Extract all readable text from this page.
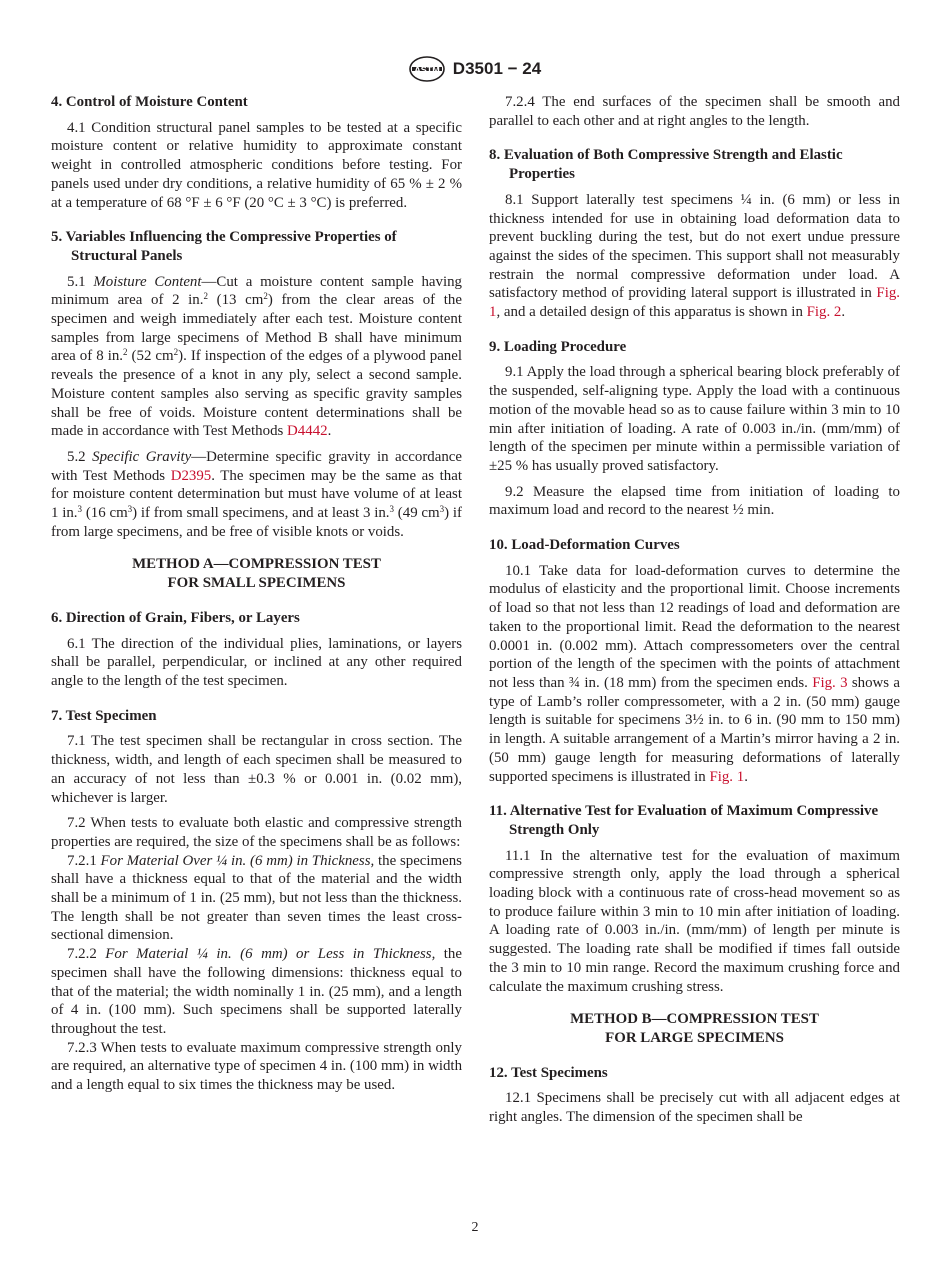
ASTM D3501 − 24

4. Control of Moisture Content

4.1 Condition structural panel samples to be tested at a specific moisture content or relative humidity to approximate constant weight in controlled atmospheric conditions before testing. For panels used under dry conditions, a relative humidity of 65 % ± 2 % at a temperature of 68 °F ± 6 °F (20 °C ± 3 °C) is preferred.

5. Variables Influencing the Compressive Properties of Structural Panels

5.1 Moisture Content—Cut a moisture content sample having minimum area of 2 in.$^2$ (13 $cm^2$) from the clear areas of the specimen and weigh immediately after each test. Moisture content samples from large specimens of Method B shall have minimum area of 8 in.$^2$ (52 $cm^2$). If inspection of the edges of a plywood panel reveals the presence of a knot in any ply, select a second sample. Moisture content samples also serving as specific gravity samples shall be free of voids. Moisture content determinations shall be made in accordance with Test Methods D4442.

5.2 Specific Gravity—Determine specific gravity in accordance with Test Methods D2395. The specimen may be the same as that for moisture content determination but must have volume of at least 1 in.$^3$ (16 $cm^3$) if from small specimens, and at least 3 in.$^3$ (49 $cm^3$) if from large specimens, and be free of visible knots or voids.

METHOD A—COMPRESSION TEST

FOR SMALL SPECIMENS

6. Direction of Grain, Fibers, or Layers

6.1 The direction of the individual plies, laminations, or layers shall be parallel, perpendicular, or inclined at any other required angle to the length of the test specimen.

7. Test Specimen

7.1 The test specimen shall be rectangular in cross section. The thickness, width, and length of each specimen shall be measured to an accuracy of not less than ±0.3 % or 0.001 in. (0.02 mm), whichever is larger.

7.2 When tests to evaluate both elastic and compressive strength properties are required, the size of the specimens shall be as follows:

7.2.1 For Material Over ¼ in. (6 mm) in Thickness, the specimens shall have a thickness equal to that of the material and the width shall be a minimum of 1 in. (25 mm), but not less than the thickness. The length shall be not greater than seven times the least cross-sectional dimension.

7.2.2 For Material ¼ in. (6 mm) or Less in Thickness, the specimen shall have the following dimensions: thickness equal to that of the material; the width nominally 1 in. (25 mm), and a length of 4 in. (100 mm). Such specimens shall be supported laterally throughout the test.

7.2.3 When tests to evaluate maximum compressive strength only are required, an alternative type of specimen 4 in. (100 mm) in width and a length equal to six times the thickness may be used.

7.2.4 The end surfaces of the specimen shall be smooth and parallel to each other and at right angles to the length.

8. Evaluation of Both Compressive Strength and Elastic Properties

8.1 Support laterally test specimens ¼ in. (6 mm) or less in thickness intended for use in obtaining load deformation data to prevent buckling during the test, but do not exert undue pressure against the sides of the specimen. This support shall not measurably restrain the normal compressive deformation under load. A satisfactory method of providing lateral support is illustrated in Fig. 1, and a detailed design of this apparatus is shown in Fig. 2.

9. Loading Procedure

9.1 Apply the load through a spherical bearing block preferably of the suspended, self-aligning type. Apply the load with a continuous motion of the movable head so as to cause failure within 3 min to 10 min after initiation of loading. A rate of 0.003 in./in. (mm/mm) of length of the specimen per minute within a permissible variation of ±25 % has usually proved satisfactory.

9.2 Measure the elapsed time from initiation of loading to maximum load and record to the nearest ½ min.

10. Load-Deformation Curves

10.1 Take data for load-deformation curves to determine the modulus of elasticity and the proportional limit. Choose increments of load so that not less than 12 readings of load and deformation are taken to the proportional limit. Read the deformation to the nearest 0.0001 in. (0.002 mm). Attach compressometers over the central portion of the length of the specimen with the points of attachment not less than ¾ in. (18 mm) from the specimen ends. Fig. 3 shows a type of Lamb’s roller compressometer, with a 2 in. (50 mm) gauge length is suitable for specimens 3½ in. to 6 in. (90 mm to 150 mm) in length. A suitable arrangement of a Martin’s mirror having a 2 in. (50 mm) gauge length for measuring deformations of laterally supported specimens is illustrated in Fig. 1.

11. Alternative Test for Evaluation of Maximum Compressive Strength Only

11.1 In the alternative test for the evaluation of maximum compressive strength only, apply the load through a spherical loading block with a continuous rate of cross-head movement so as to produce failure within 3 min to 10 min after initiation of loading. A loading rate of 0.003 in./in. (mm/mm) of length per minute is suggested. The loading rate shall be modified if times fall outside the 3 min to 10 min range. Record the maximum crushing force and calculate the maximum crushing stress.

METHOD B—COMPRESSION TEST

FOR LARGE SPECIMENS

12. Test Specimens

12.1 Specimens shall be precisely cut with all adjacent edges at right angles. The dimension of the specimen shall be

2
